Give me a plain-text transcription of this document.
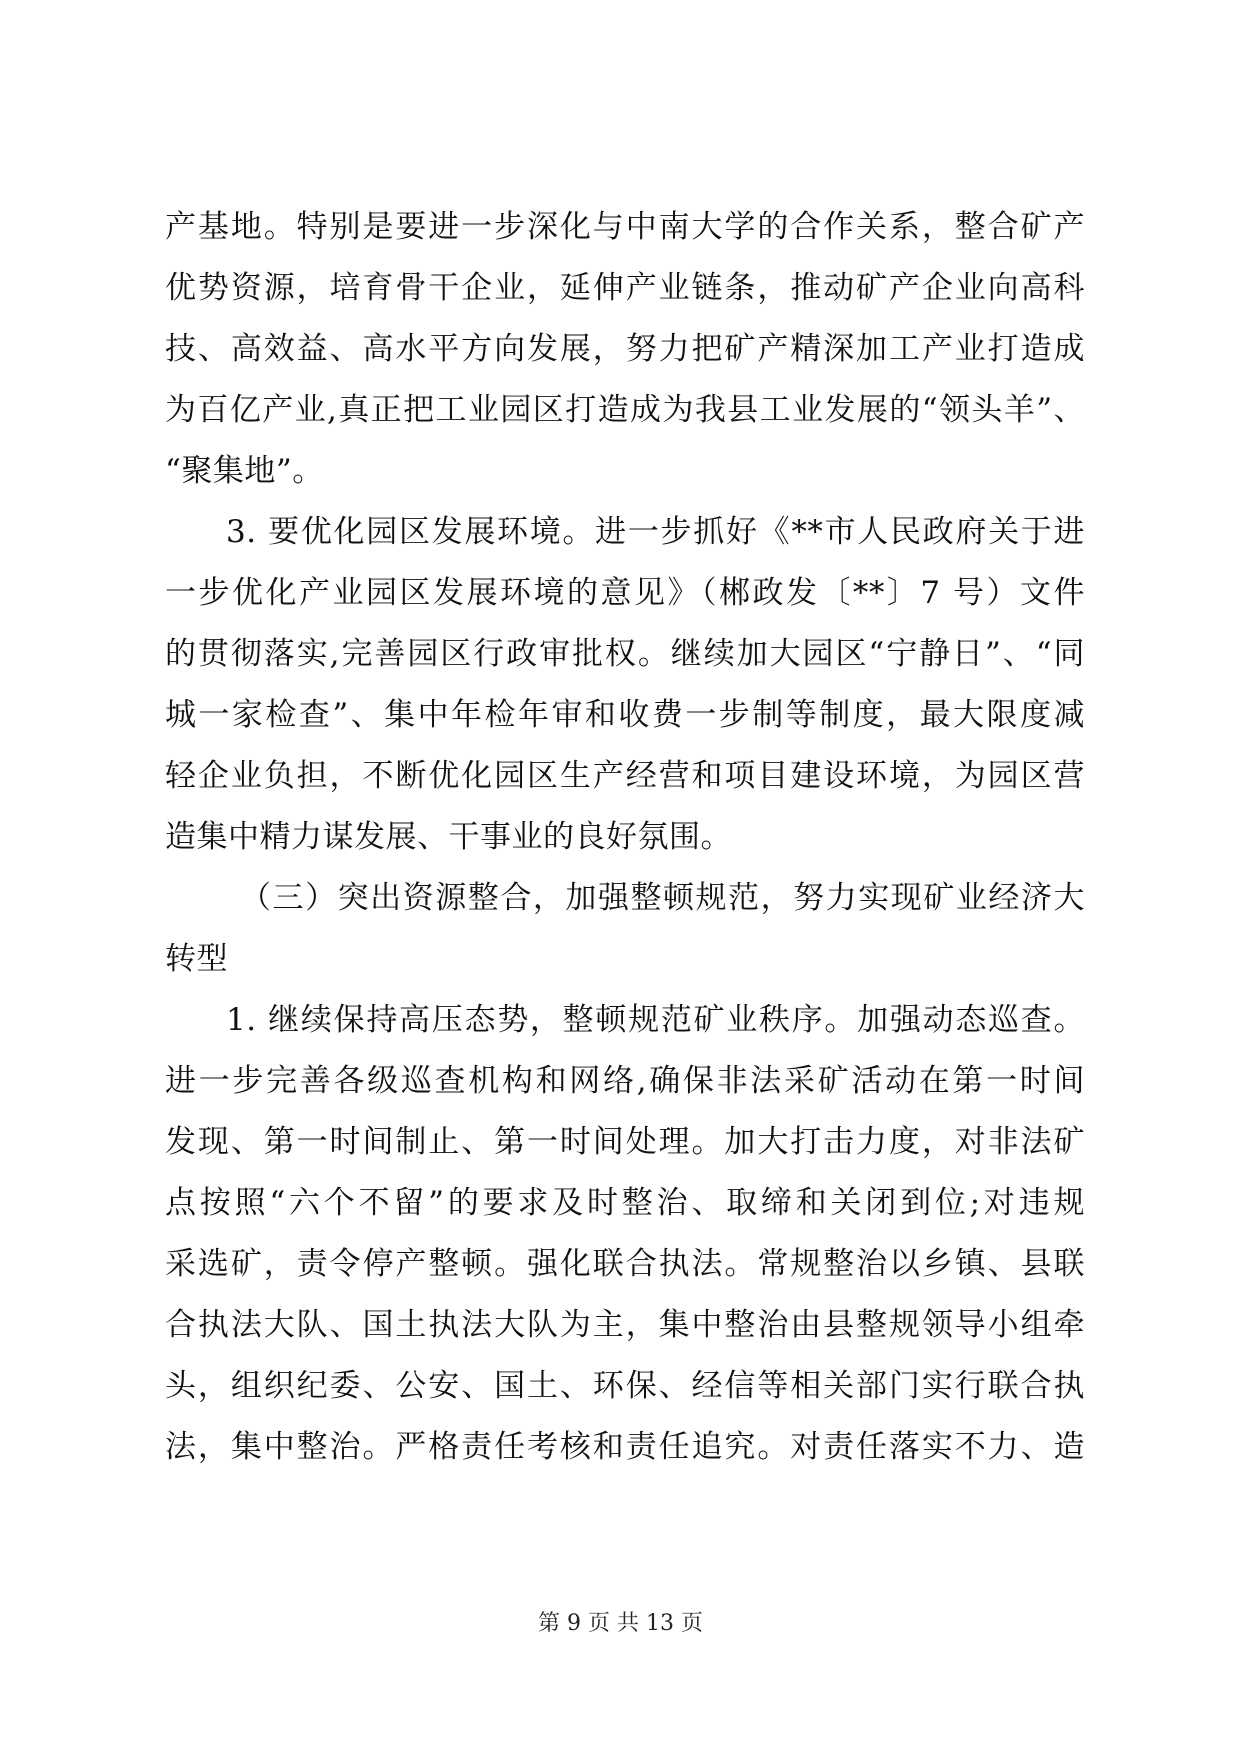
产基地。特别是要进一步深化与中南大学的合作关系，整合矿产
优势资源，培育骨干企业，延伸产业链条，推动矿产企业向高科
技、高效益、高水平方向发展，努力把矿产精深加工产业打造成
为百亿产业,真正把工业园区打造成为我县工业发展的“领头羊”、
“聚集地”。
3. 要优化园区发展环境。进一步抓好《**市人民政府关于进
一步优化产业园区发展环境的意见》（郴政发〔**〕7 号）文件
的贯彻落实,完善园区行政审批权。继续加大园区“宁静日”、“同
城一家检查”、集中年检年审和收费一步制等制度，最大限度减
轻企业负担，不断优化园区生产经营和项目建设环境，为园区营
造集中精力谋发展、干事业的良好氛围。
（三）突出资源整合，加强整顿规范，努力实现矿业经济大
转型
1. 继续保持高压态势，整顿规范矿业秩序。加强动态巡查。
进一步完善各级巡查机构和网络,确保非法采矿活动在第一时间
发现、第一时间制止、第一时间处理。加大打击力度，对非法矿
点按照“六个不留”的要求及时整治、取缔和关闭到位;对违规
采选矿，责令停产整顿。强化联合执法。常规整治以乡镇、县联
合执法大队、国土执法大队为主，集中整治由县整规领导小组牵
头，组织纪委、公安、国土、环保、经信等相关部门实行联合执
法，集中整治。严格责任考核和责任追究。对责任落实不力、造
第 9 页 共 13 页
